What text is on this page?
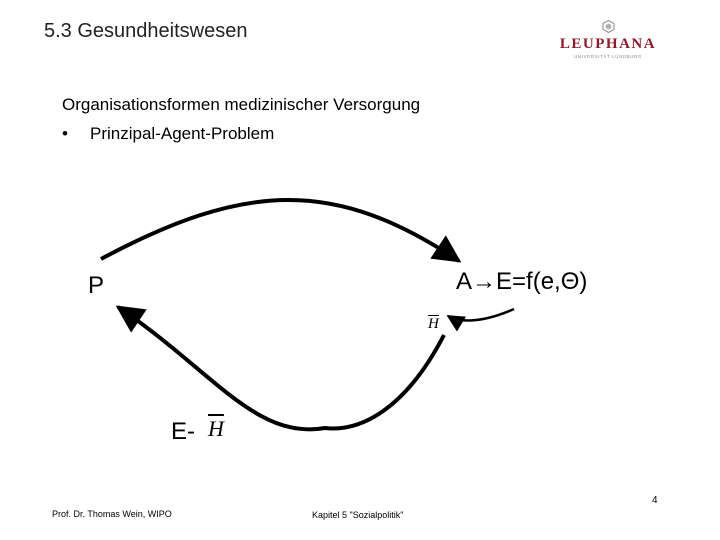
5.3 Gesundheitswesen
LEUPHANA
UNIVERSITÄT LÜNEBURG
Organisationsformen medizinischer Versorgung
• Prinzipal-Agent-Problem
P	A→E=f(e,Θ)
$\overline{H}$
E- $\overline{H}$
Prof. Dr. Thomas Wein, WIPO	Kapitel 5 "Sozialpolitik"
4
